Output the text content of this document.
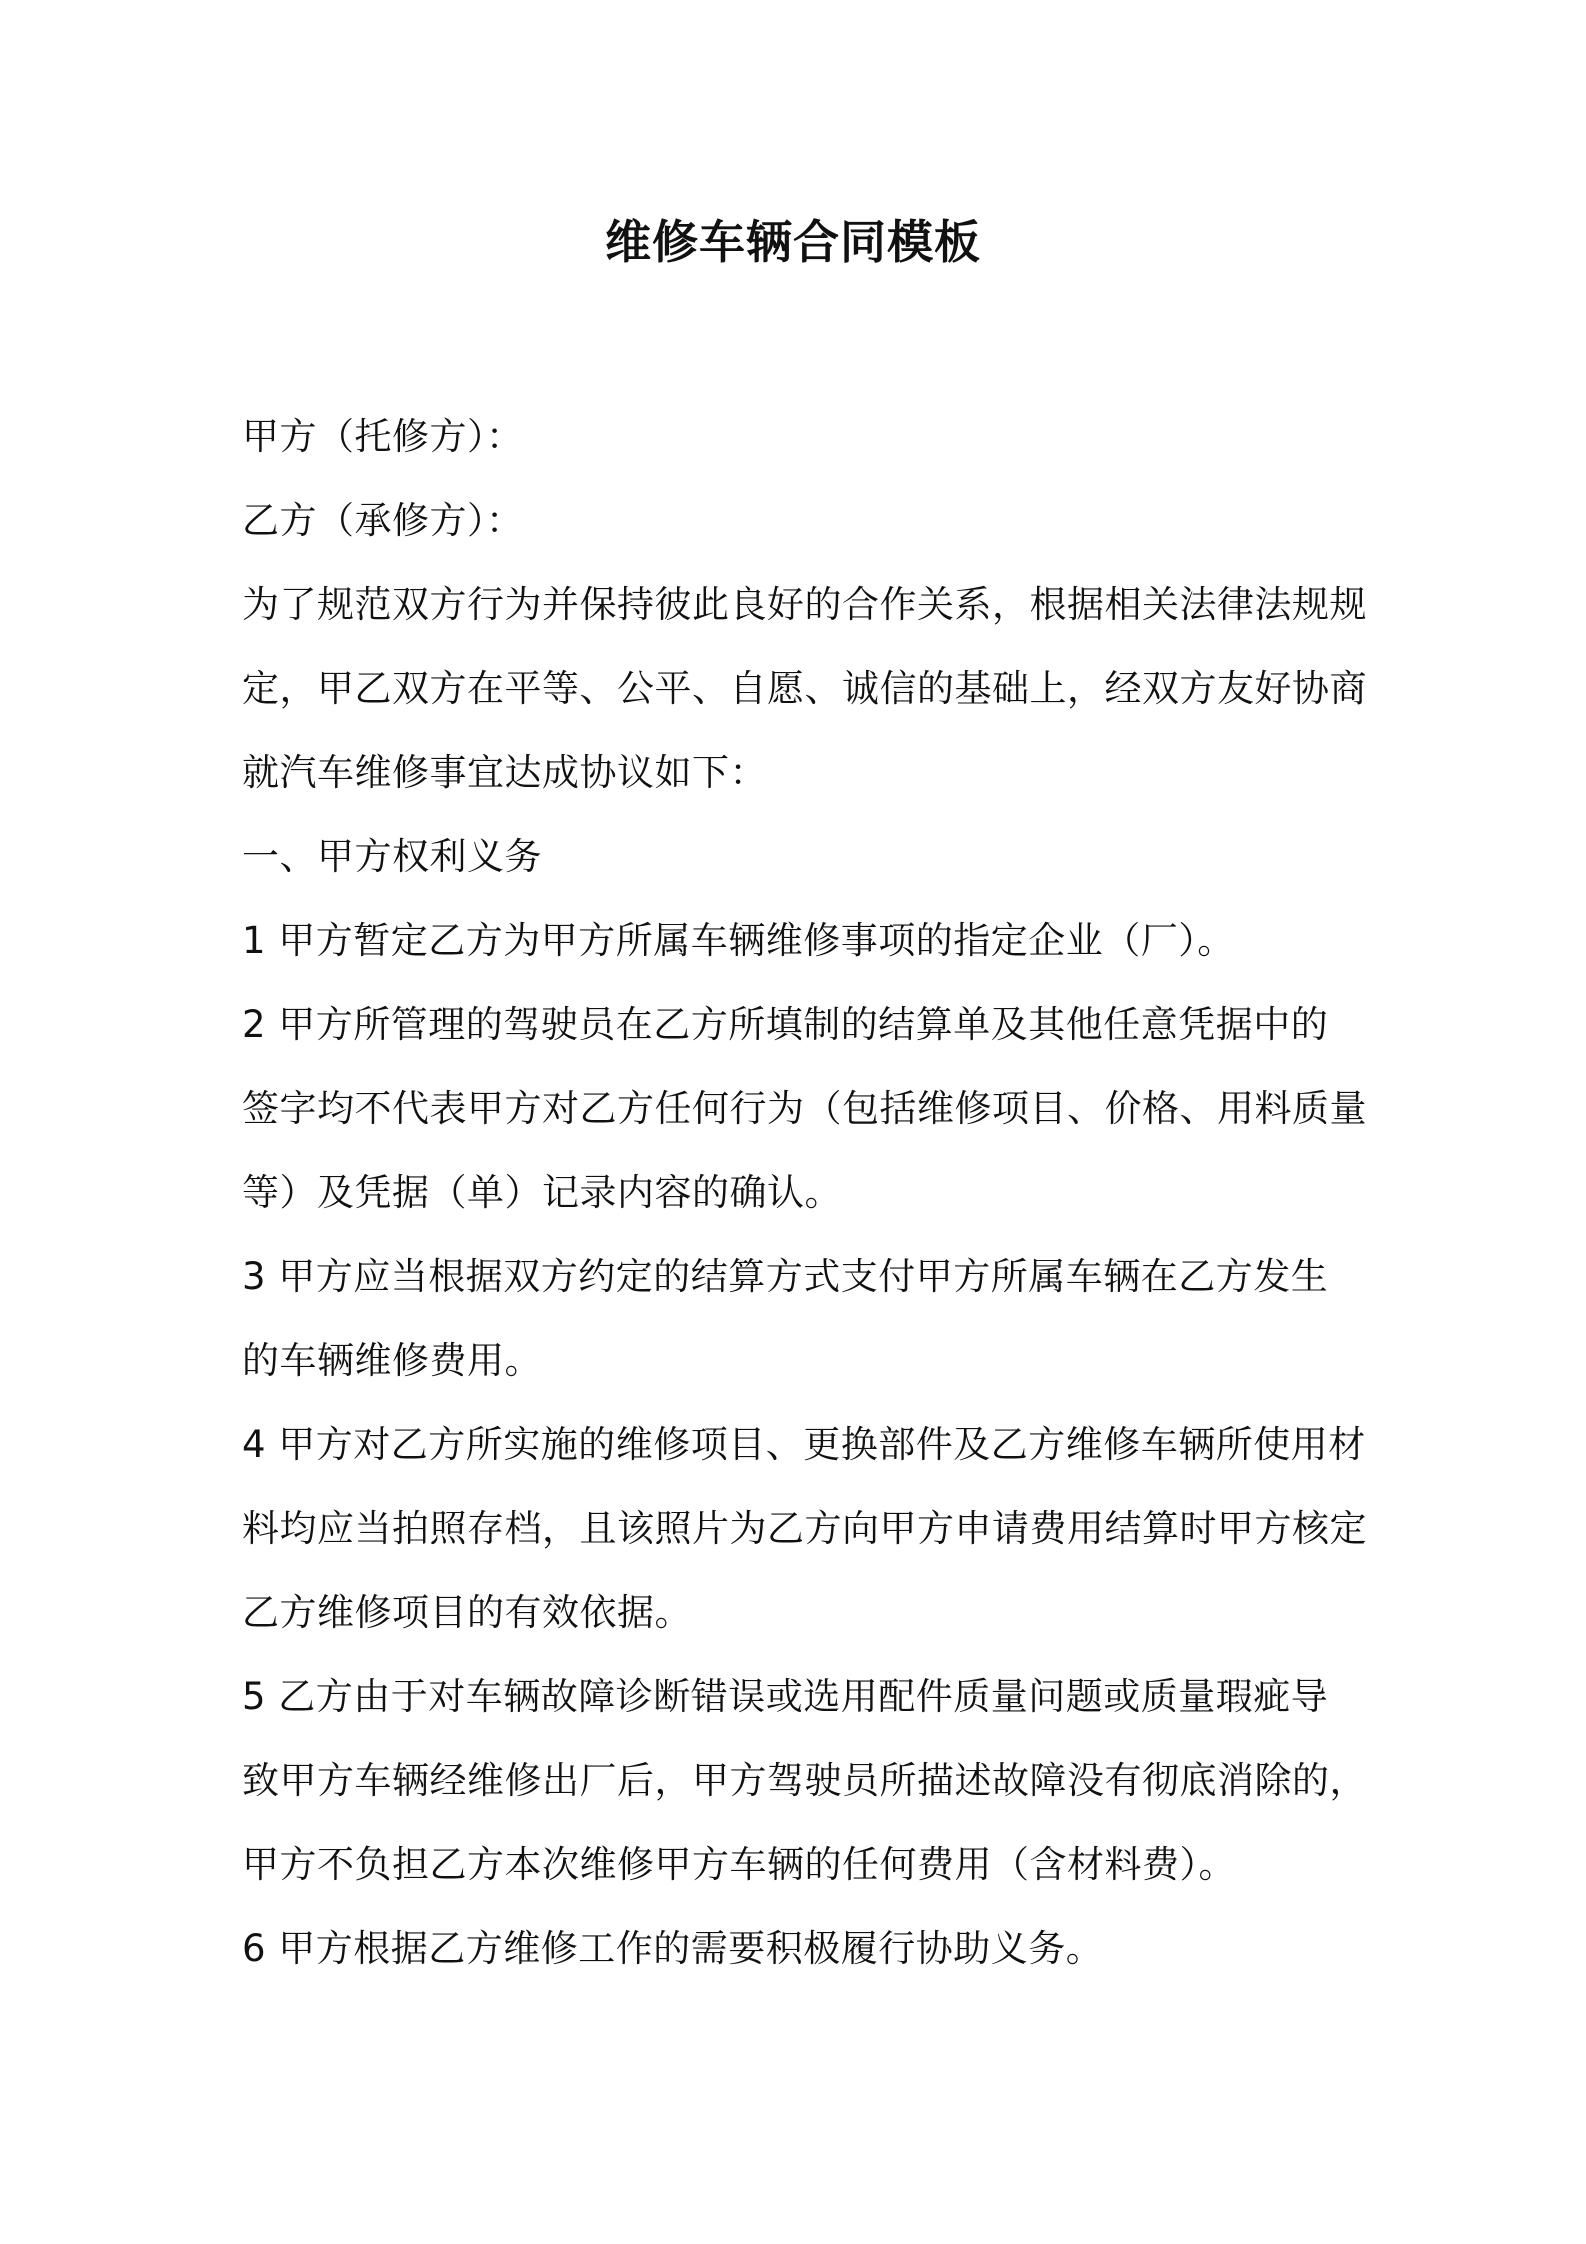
维修车辆合同模板
甲方（托修方）：
乙方（承修方）：
为了规范双方行为并保持彼此良好的合作关系，根据相关法律法规规
定，甲乙双方在平等、公平、自愿、诚信的基础上，经双方友好协商
就汽车维修事宜达成协议如下：
一、甲方权利义务
1 甲方暂定乙方为甲方所属车辆维修事项的指定企业（厂）。
2 甲方所管理的驾驶员在乙方所填制的结算单及其他任意凭据中的
签字均不代表甲方对乙方任何行为（包括维修项目、价格、用料质量
等）及凭据（单）记录内容的确认。
3 甲方应当根据双方约定的结算方式支付甲方所属车辆在乙方发生
的车辆维修费用。
4 甲方对乙方所实施的维修项目、更换部件及乙方维修车辆所使用材
料均应当拍照存档，且该照片为乙方向甲方申请费用结算时甲方核定
乙方维修项目的有效依据。
5 乙方由于对车辆故障诊断错误或选用配件质量问题或质量瑕疵导
致甲方车辆经维修出厂后，甲方驾驶员所描述故障没有彻底消除的，
甲方不负担乙方本次维修甲方车辆的任何费用（含材料费）。
6 甲方根据乙方维修工作的需要积极履行协助义务。
